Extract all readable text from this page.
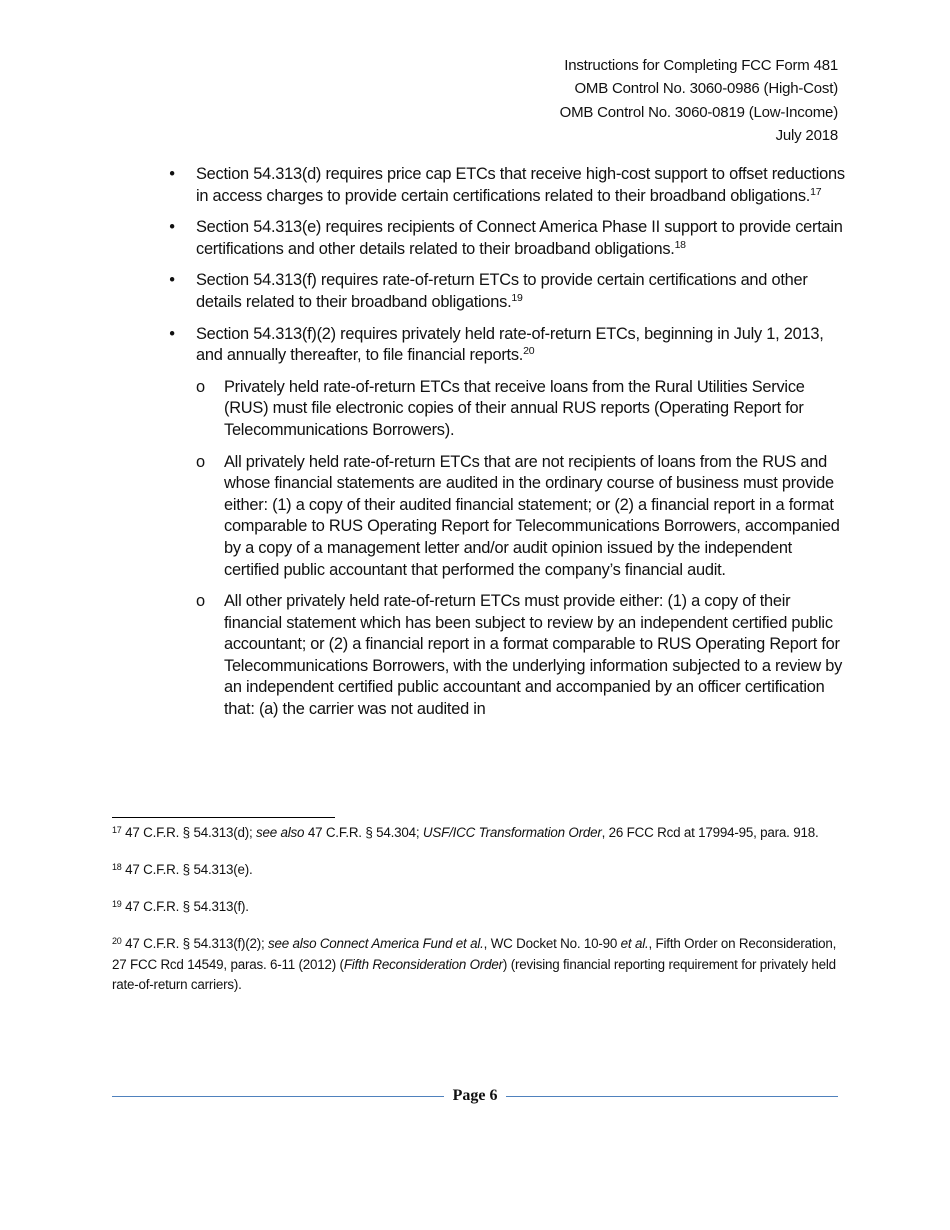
Instructions for Completing FCC Form 481
OMB Control No. 3060-0986 (High-Cost)
OMB Control No. 3060-0819 (Low-Income)
July 2018
• Section 54.313(d) requires price cap ETCs that receive high-cost support to offset reductions in access charges to provide certain certifications related to their broadband obligations.$^{17}$
• Section 54.313(e) requires recipients of Connect America Phase II support to provide certain certifications and other details related to their broadband obligations.$^{18}$
• Section 54.313(f) requires rate-of-return ETCs to provide certain certifications and other details related to their broadband obligations.$^{19}$
• Section 54.313(f)(2) requires privately held rate-of-return ETCs, beginning in July 1, 2013, and annually thereafter, to file financial reports.$^{20}$
o Privately held rate-of-return ETCs that receive loans from the Rural Utilities Service (RUS) must file electronic copies of their annual RUS reports (Operating Report for Telecommunications Borrowers).
o All privately held rate-of-return ETCs that are not recipients of loans from the RUS and whose financial statements are audited in the ordinary course of business must provide either: (1) a copy of their audited financial statement; or (2) a financial report in a format comparable to RUS Operating Report for Telecommunications Borrowers, accompanied by a copy of a management letter and/or audit opinion issued by the independent certified public accountant that performed the company’s financial audit.
o All other privately held rate-of-return ETCs must provide either: (1) a copy of their financial statement which has been subject to review by an independent certified public accountant; or (2) a financial report in a format comparable to RUS Operating Report for Telecommunications Borrowers, with the underlying information subjected to a review by an independent certified public accountant and accompanied by an officer certification that: (a) the carrier was not audited in
$^{17}$ 47 C.F.R. § 54.313(d); see also 47 C.F.R. § 54.304; USF/ICC Transformation Order, 26 FCC Rcd at 17994-95, para. 918.
$^{18}$ 47 C.F.R. § 54.313(e).
$^{19}$ 47 C.F.R. § 54.313(f).
$^{20}$ 47 C.F.R. § 54.313(f)(2); see also Connect America Fund et al., WC Docket No. 10-90 et al., Fifth Order on Reconsideration, 27 FCC Rcd 14549, paras. 6-11 (2012) (Fifth Reconsideration Order) (revising financial reporting requirement for privately held rate-of-return carriers).
Page 6
